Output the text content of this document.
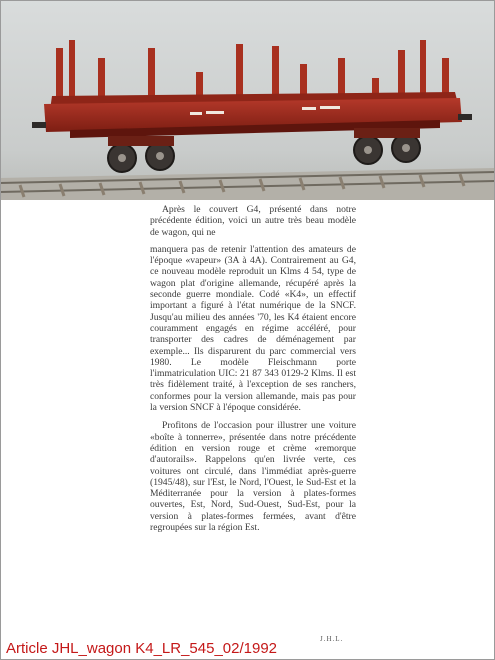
Après le couvert G4, présenté dans notre précédente édition, voici un autre très beau modèle de wagon, qui ne

manquera pas de retenir l'attention des amateurs de l'époque «vapeur» (3A à 4A). Contrairement au G4, ce nouveau modèle reproduit un Klms 4 54, type de wagon plat d'origine allemande, récupéré après la seconde guerre mondiale. Codé «K4», un effectif important a figuré à l'état numérique de la SNCF. Jusqu'au milieu des années '70, les K4 étaient encore couramment engagés en régime accéléré, pour transporter des cadres de déménagement par exemple... Ils disparurent du parc commercial vers 1980. Le modèle Fleischmann porte l'immatriculation UIC: 21 87 343 0129-2 Klms. Il est très fidèlement traité, à l'exception de ses ranchers, conformes pour la version allemande, mais pas pour la version SNCF à l'époque considérée.

Profitons de l'occasion pour illustrer une voiture «boîte à tonnerre», présentée dans notre précédente édition en version rouge et crème «remorque d'autorails». Rappelons qu'en livrée verte, ces voitures ont circulé, dans l'immédiat après-guerre (1945/48), sur l'Est, le Nord, l'Ouest, le Sud-Est et la Méditerranée pour la version à plates-formes ouvertes, Est, Nord, Sud-Ouest, Sud-Est, pour la version à plates-formes fermées, avant d'être regroupées sur la région Est.

J.H.L.
Article JHL_wagon K4_LR_545_02/1992
